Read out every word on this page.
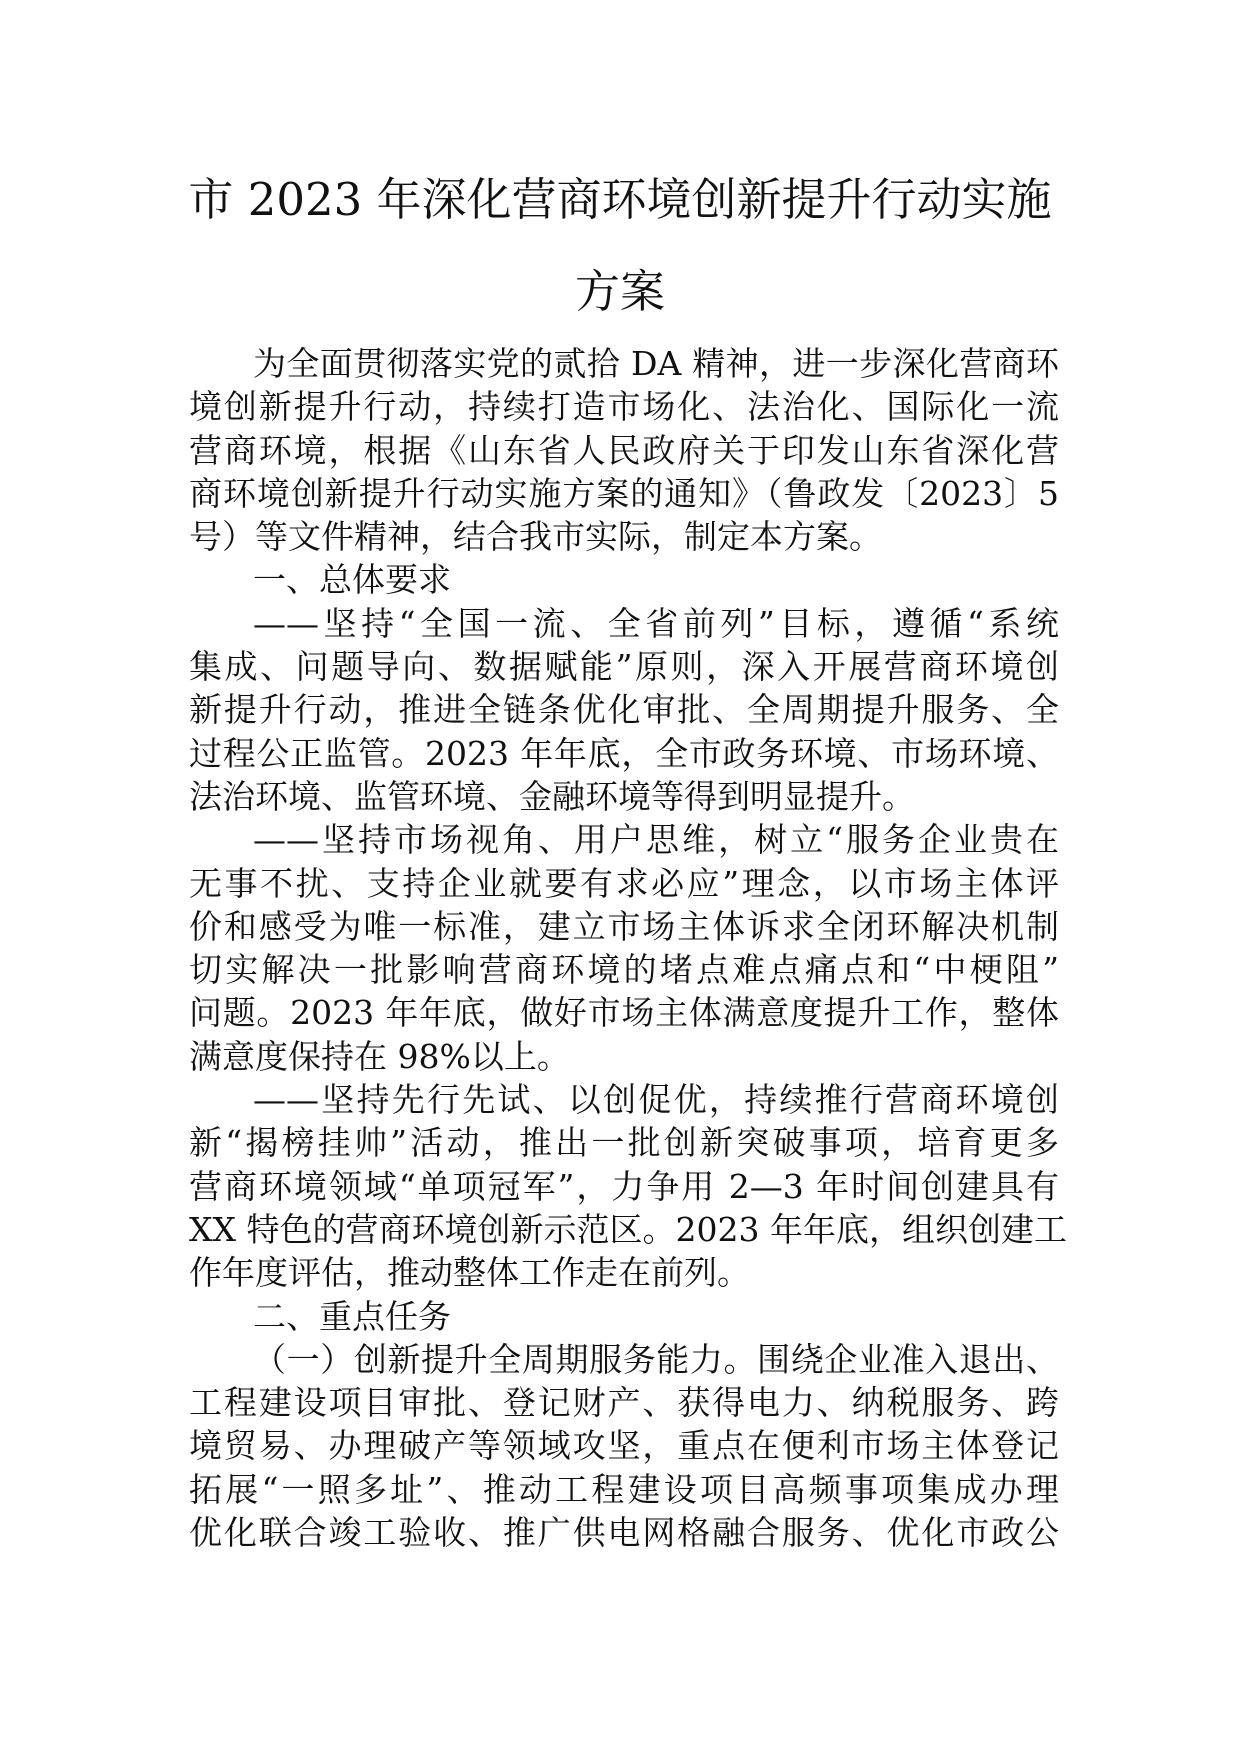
市 2023 年深化营商环境创新提升行动实施
方案
为全面贯彻落实党的贰拾 DA 精神，进一步深化营商环
境创新提升行动，持续打造市场化、法治化、国际化一流
营商环境，根据《山东省人民政府关于印发山东省深化营
商环境创新提升行动实施方案的通知》（鲁政发〔2023〕5
号）等文件精神，结合我市实际，制定本方案。
一、总体要求
——坚持“全国一流、全省前列”目标，遵循“系统
集成、问题导向、数据赋能”原则，深入开展营商环境创
新提升行动，推进全链条优化审批、全周期提升服务、全
过程公正监管。2023 年年底，全市政务环境、市场环境、
法治环境、监管环境、金融环境等得到明显提升。
——坚持市场视角、用户思维，树立“服务企业贵在
无事不扰、支持企业就要有求必应”理念，以市场主体评
价和感受为唯一标准，建立市场主体诉求全闭环解决机制
切实解决一批影响营商环境的堵点难点痛点和“中梗阻”
问题。2023 年年底，做好市场主体满意度提升工作，整体
满意度保持在 98%以上。
——坚持先行先试、以创促优，持续推行营商环境创
新“揭榜挂帅”活动，推出一批创新突破事项，培育更多
营商环境领域“单项冠军”，力争用 2—3 年时间创建具有
XX 特色的营商环境创新示范区。2023 年年底，组织创建工
作年度评估，推动整体工作走在前列。
二、重点任务
（一）创新提升全周期服务能力。围绕企业准入退出、
工程建设项目审批、登记财产、获得电力、纳税服务、跨
境贸易、办理破产等领域攻坚，重点在便利市场主体登记
拓展“一照多址”、推动工程建设项目高频事项集成办理
优化联合竣工验收、推广供电网格融合服务、优化市政公
